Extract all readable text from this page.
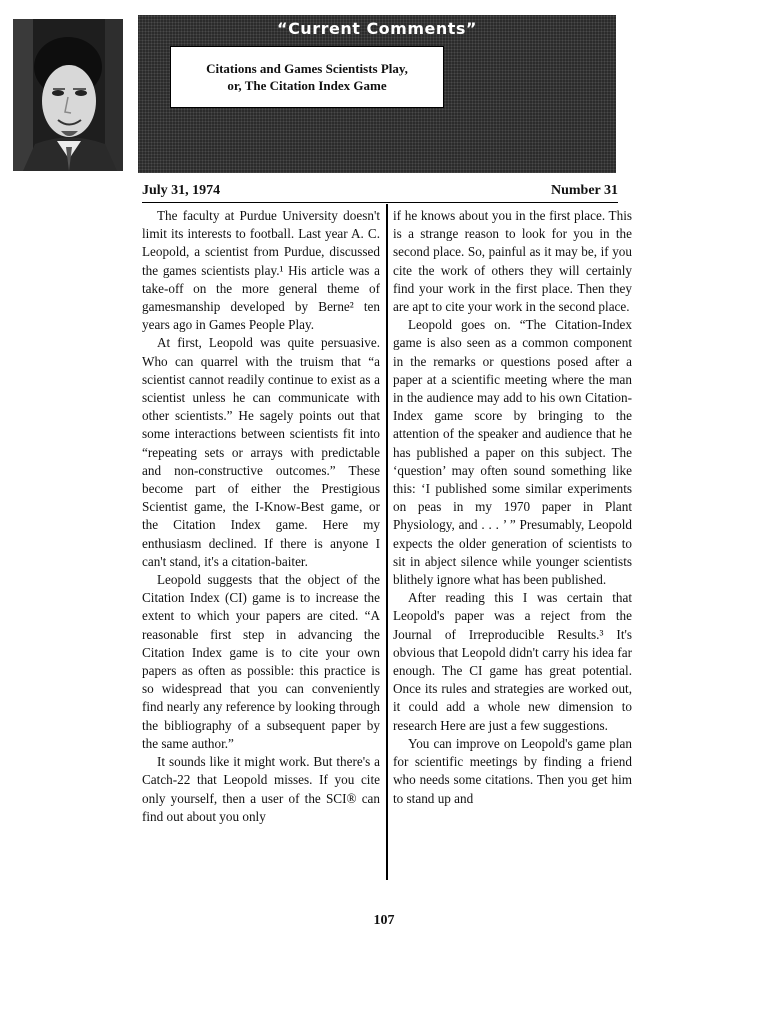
“Current Comments”
Citations and Games Scientists Play,
or, The Citation Index Game
July 31, 1974	Number 31

The faculty at Purdue University doesn't limit its interests to football. Last year A. C. Leopold, a scientist from Purdue, discussed the games scientists play.¹ His article was a take-off on the more general theme of gamesmanship developed by Berne² ten years ago in Games People Play.

At first, Leopold was quite persuasive. Who can quarrel with the truism that “a scientist cannot readily continue to exist as a scientist unless he can communicate with other scientists.” He sagely points out that some interactions between scientists fit into “repeating sets or arrays with predictable and non-constructive outcomes.” These become part of either the Prestigious Scientist game, the I-Know-Best game, or the Citation Index game. Here my enthusiasm declined. If there is anyone I can't stand, it's a citation-baiter.

Leopold suggests that the object of the Citation Index (CI) game is to increase the extent to which your papers are cited. “A reasonable first step in advancing the Citation Index game is to cite your own papers as often as possible: this practice is so widespread that you can conveniently find nearly any reference by looking through the bibliography of a subsequent paper by the same author.”

It sounds like it might work. But there's a Catch-22 that Leopold misses. If you cite only yourself, then a user of the SCI® can find out about you only

if he knows about you in the first place. This is a strange reason to look for you in the second place. So, painful as it may be, if you cite the work of others they will certainly find your work in the first place. Then they are apt to cite your work in the second place.

Leopold goes on. “The Citation-Index game is also seen as a common component in the remarks or questions posed after a paper at a scientific meeting where the man in the audience may add to his own Citation-Index game score by bringing to the attention of the speaker and audience that he has published a paper on this subject. The ‘question’ may often sound something like this: ‘I published some similar experiments on peas in my 1970 paper in Plant Physiology, and . . . ’ ” Presumably, Leopold expects the older generation of scientists to sit in abject silence while younger scientists blithely ignore what has been published.

After reading this I was certain that Leopold's paper was a reject from the Journal of Irreproducible Results.³ It's obvious that Leopold didn't carry his idea far enough. The CI game has great potential. Once its rules and strategies are worked out, it could add a whole new dimension to research Here are just a few suggestions.

You can improve on Leopold's game plan for scientific meetings by finding a friend who needs some citations. Then you get him to stand up and

107
